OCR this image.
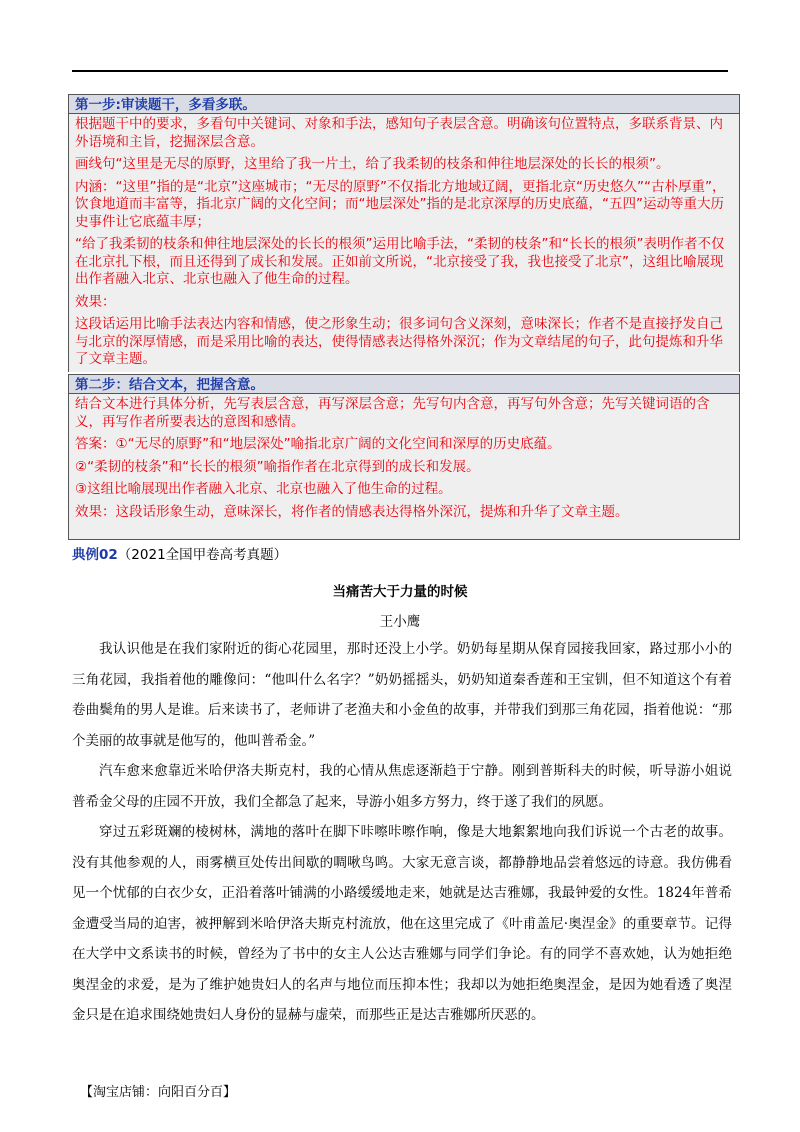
第一步:审读题干，多看多联。

根据题干中的要求，多看句中关键词、对象和手法，感知句子表层含意。明确该句位置特点，多联系背景、内外语境和主旨，挖掘深层含意。

画线句“这里是无尽的原野，这里给了我一片土，给了我柔韧的枝条和伸往地层深处的长长的根须”。

内涵：“这里”指的是“北京”这座城市；“无尽的原野”不仅指北方地域辽阔，更指北京“历史悠久”“古朴厚重”，饮食地道而丰富等，指北京广阔的文化空间；而“地层深处”指的是北京深厚的历史底蕴，“五四”运动等重大历史事件让它底蕴丰厚；

“给了我柔韧的枝条和伸往地层深处的长长的根须”运用比喻手法，“柔韧的枝条”和“长长的根须”表明作者不仅在北京扎下根，而且还得到了成长和发展。正如前文所说，“北京接受了我，我也接受了北京”，这组比喻展现出作者融入北京、北京也融入了他生命的过程。

效果：

这段话运用比喻手法表达内容和情感，使之形象生动；很多词句含义深刻，意味深长；作者不是直接抒发自己与北京的深厚情感，而是采用比喻的表达，使得情感表达得格外深沉；作为文章结尾的句子，此句提炼和升华了文章主题。

第二步：结合文本，把握含意。

结合文本进行具体分析，先写表层含意，再写深层含意；先写句内含意，再写句外含意；先写关键词语的含义，再写作者所要表达的意图和感情。

答案：①“无尽的原野”和“地层深处”喻指北京广阔的文化空间和深厚的历史底蕴。

②“柔韧的枝条”和“长长的根须”喻指作者在北京得到的成长和发展。

③这组比喻展现出作者融入北京、北京也融入了他生命的过程。

效果：这段话形象生动，意味深长，将作者的情感表达得格外深沉，提炼和升华了文章主题。

典例02（2021全国甲卷高考真题）
当痛苦大于力量的时候
王小鹰

我认识他是在我们家附近的街心花园里，那时还没上小学。奶奶每星期从保育园接我回家，路过那小小的三角花园，我指着他的雕像问：“他叫什么名字？”奶奶摇摇头，奶奶知道秦香莲和王宝钏，但不知道这个有着卷曲鬓角的男人是谁。后来读书了，老师讲了老渔夫和小金鱼的故事，并带我们到那三角花园，指着他说：“那个美丽的故事就是他写的，他叫普希金。”

汽车愈来愈靠近米哈伊洛夫斯克村，我的心情从焦虑逐渐趋于宁静。刚到普斯科夫的时候，听导游小姐说普希金父母的庄园不开放，我们全都急了起来，导游小姐多方努力，终于遂了我们的夙愿。

穿过五彩斑斓的棱树林，满地的落叶在脚下咔嚓咔嚓作响，像是大地絮絮地向我们诉说一个古老的故事。没有其他参观的人，雨雾横亘处传出间歇的啁啾鸟鸣。大家无意言谈，都静静地品尝着悠远的诗意。我仿佛看见一个忧郁的白衣少女，正沿着落叶铺满的小路缓缓地走来，她就是达吉雅娜，我最钟爱的女性。1824年普希金遭受当局的迫害，被押解到米哈伊洛夫斯克村流放，他在这里完成了《叶甫盖尼·奥涅金》的重要章节。记得在大学中文系读书的时候，曾经为了书中的女主人公达吉雅娜与同学们争论。有的同学不喜欢她，认为她拒绝奥涅金的求爱，是为了维护她贵妇人的名声与地位而压抑本性；我却以为她拒绝奥涅金，是因为她看透了奥涅金只是在追求围绕她贵妇人身份的显赫与虚荣，而那些正是达吉雅娜所厌恶的。

【淘宝店铺：向阳百分百】
